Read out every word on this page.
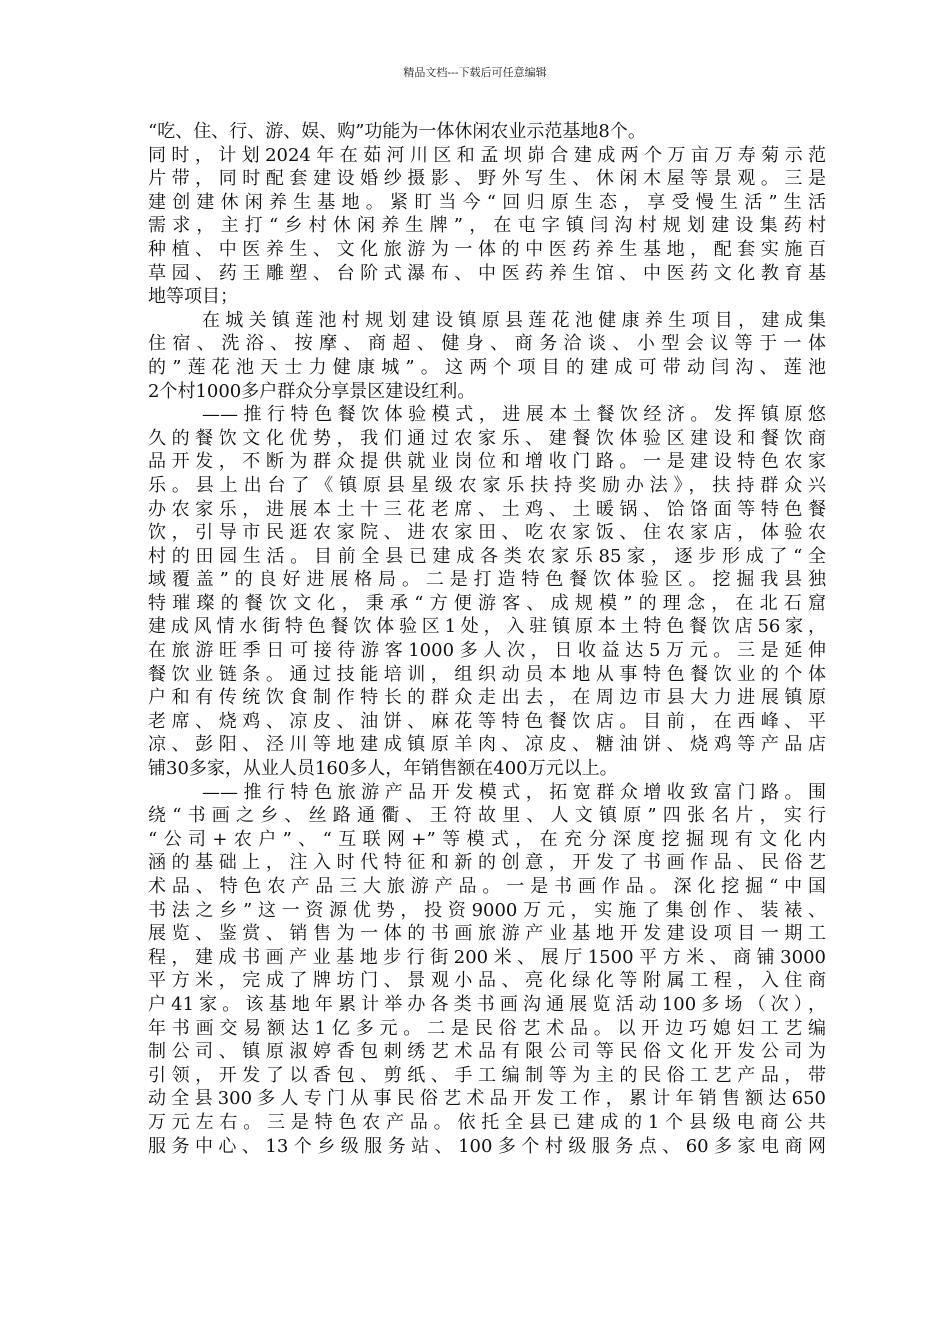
精品文档---下载后可任意编辑
“吃、住、行、游、娱、购”功能为一体休闲农业示范基地8个。
同时，计划2024年在茹河川区和孟坝峁合建成两个万亩万寿菊示范
片带，同时配套建设婚纱摄影、野外写生、休闲木屋等景观。三是
建创建休闲养生基地。紧盯当今“回归原生态，享受慢生活”生活
需求，主打“乡村休闲养生牌”，在屯字镇闫沟村规划建设集药村
种植、中医养生、文化旅游为一体的中医药养生基地，配套实施百
草园、药王雕塑、台阶式瀑布、中医药养生馆、中医药文化教育基
地等项目；
在城关镇莲池村规划建设镇原县莲花池健康养生项目，建成集
住宿、洗浴、按摩、商超、健身、商务洽谈、小型会议等于一体
的”莲花池天士力健康城”。这两个项目的建成可带动闫沟、莲池
2个村1000多户群众分享景区建设红利。
——推行特色餐饮体验模式，进展本土餐饮经济。发挥镇原悠
久的餐饮文化优势，我们通过农家乐、建餐饮体验区建设和餐饮商
品开发，不断为群众提供就业岗位和增收门路。一是建设特色农家
乐。县上出台了《镇原县星级农家乐扶持奖励办法》，扶持群众兴
办农家乐，进展本土十三花老席、土鸡、土暖锅、饸饹面等特色餐
饮，引导市民逛农家院、进农家田、吃农家饭、住农家店，体验农
村的田园生活。目前全县已建成各类农家乐85家，逐步形成了“全
域覆盖”的良好进展格局。二是打造特色餐饮体验区。挖掘我县独
特璀璨的餐饮文化，秉承“方便游客、成规模”的理念，在北石窟
建成风情水街特色餐饮体验区1处，入驻镇原本土特色餐饮店56家，
在旅游旺季日可接待游客1000多人次，日收益达5万元。三是延伸
餐饮业链条。通过技能培训，组织动员本地从事特色餐饮业的个体
户和有传统饮食制作特长的群众走出去，在周边市县大力进展镇原
老席、烧鸡、凉皮、油饼、麻花等特色餐饮店。目前，在西峰、平
凉、彭阳、泾川等地建成镇原羊肉、凉皮、糖油饼、烧鸡等产品店
铺30多家，从业人员160多人，年销售额在400万元以上。
——推行特色旅游产品开发模式，拓宽群众增收致富门路。围
绕“书画之乡、丝路通衢、王符故里、人文镇原”四张名片，实行
“公司+农户”、“互联网+”等模式，在充分深度挖掘现有文化内
涵的基础上，注入时代特征和新的创意，开发了书画作品、民俗艺
术品、特色农产品三大旅游产品。一是书画作品。深化挖掘“中国
书法之乡”这一资源优势，投资9000万元，实施了集创作、装裱、
展览、鉴赏、销售为一体的书画旅游产业基地开发建设项目一期工
程，建成书画产业基地步行街200米、展厅1500平方米、商铺3000
平方米，完成了牌坊门、景观小品、亮化绿化等附属工程，入住商
户41家。该基地年累计举办各类书画沟通展览活动100多场（次），
年书画交易额达1亿多元。二是民俗艺术品。以开边巧媳妇工艺编
制公司、镇原淑婷香包刺绣艺术品有限公司等民俗文化开发公司为
引领，开发了以香包、剪纸、手工编制等为主的民俗工艺产品，带
动全县300多人专门从事民俗艺术品开发工作，累计年销售额达650
万元左右。三是特色农产品。依托全县已建成的1个县级电商公共
服务中心、13个乡级服务站、100多个村级服务点、60多家电商网
